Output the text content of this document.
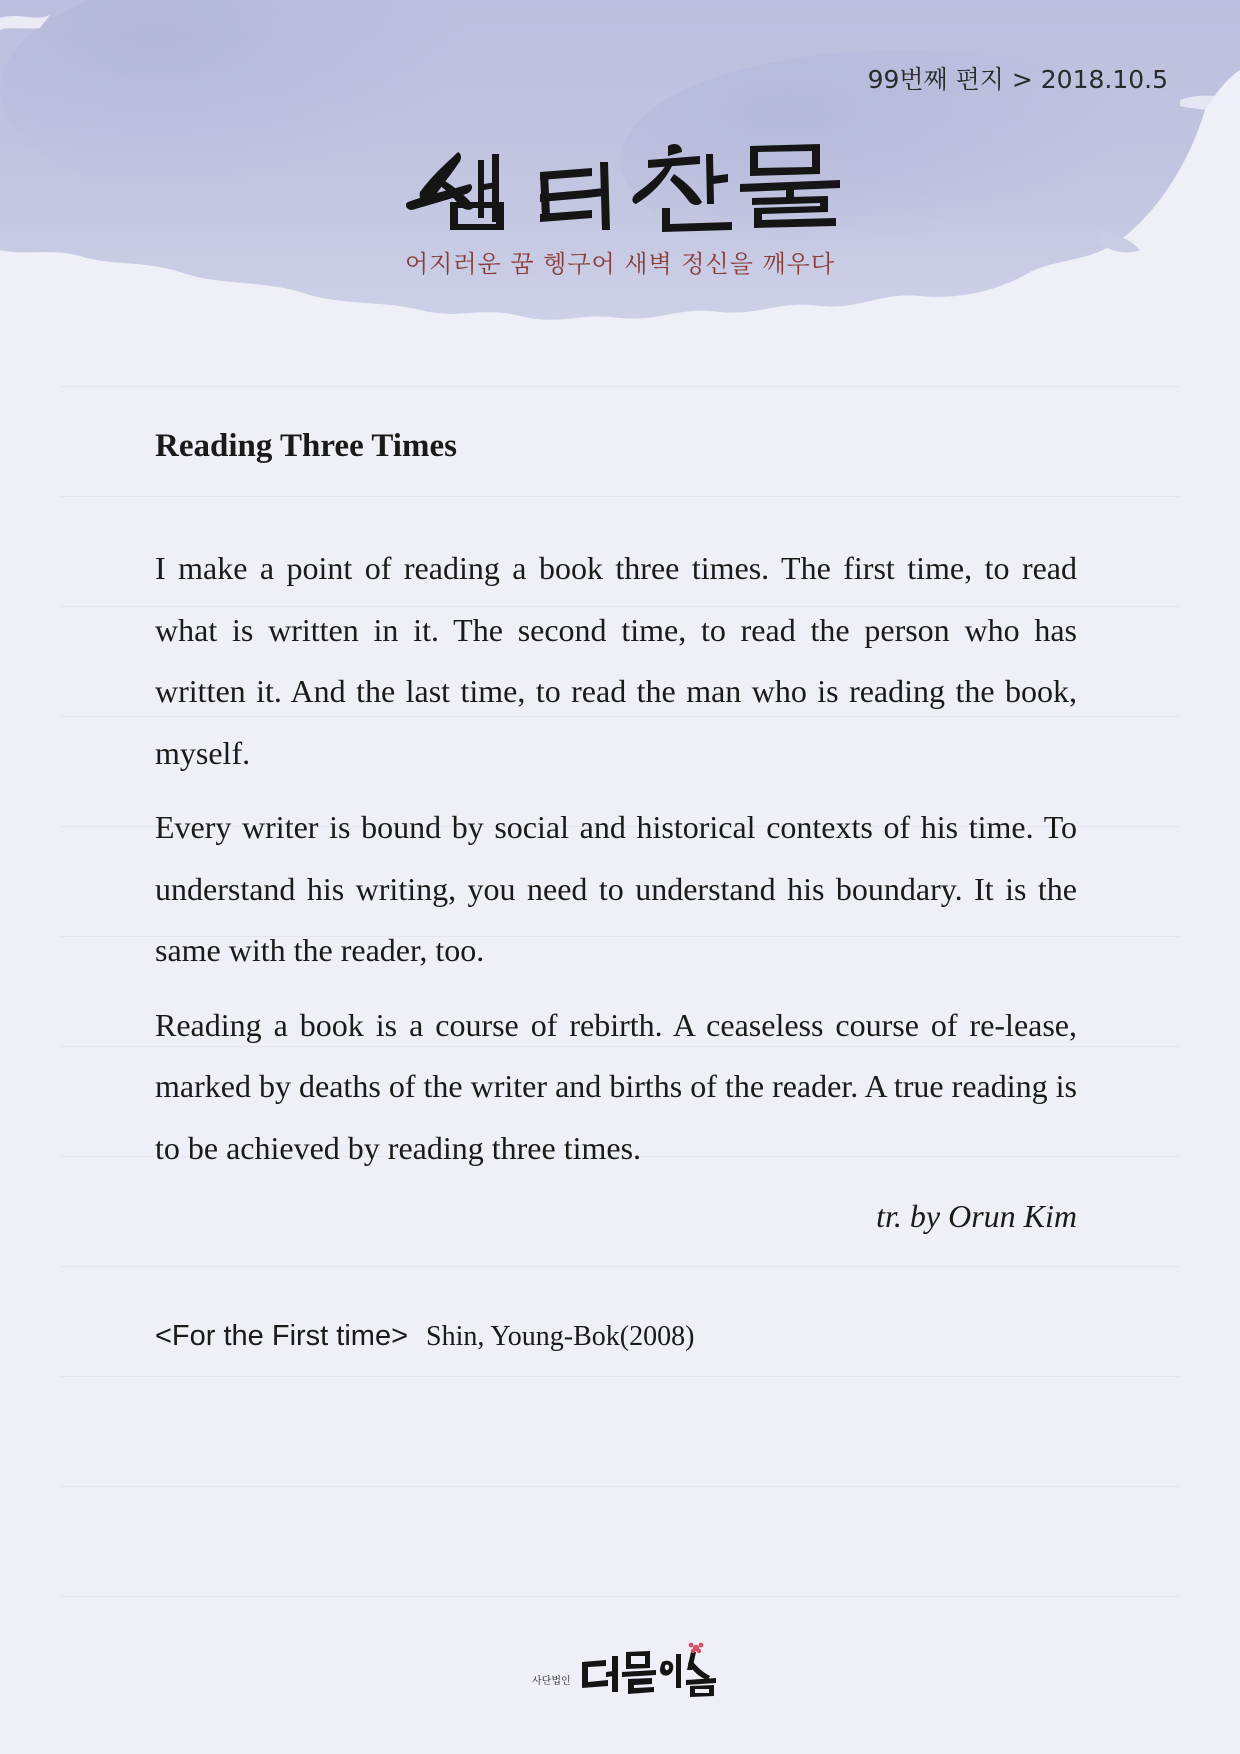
99번째 편지 > 2018.10.5
어지러운 꿈 헹구어 새벽 정신을 깨우다
Reading Three Times

I make a point of reading a book three times. The first time, to read what is written in it. The second time, to read the person who has written it. And the last time, to read the man who is reading the book, myself.

Every writer is bound by social and historical contexts of his time. To understand his writing, you need to understand his boundary. It is the same with the reader, too.

Reading a book is a course of rebirth. A ceaseless course of re-lease, marked by deaths of the writer and births of the reader. A true reading is to be achieved by reading three times.

tr. by Orun Kim
<For the First time> Shin, Young-Bok(2008)
사단법인
